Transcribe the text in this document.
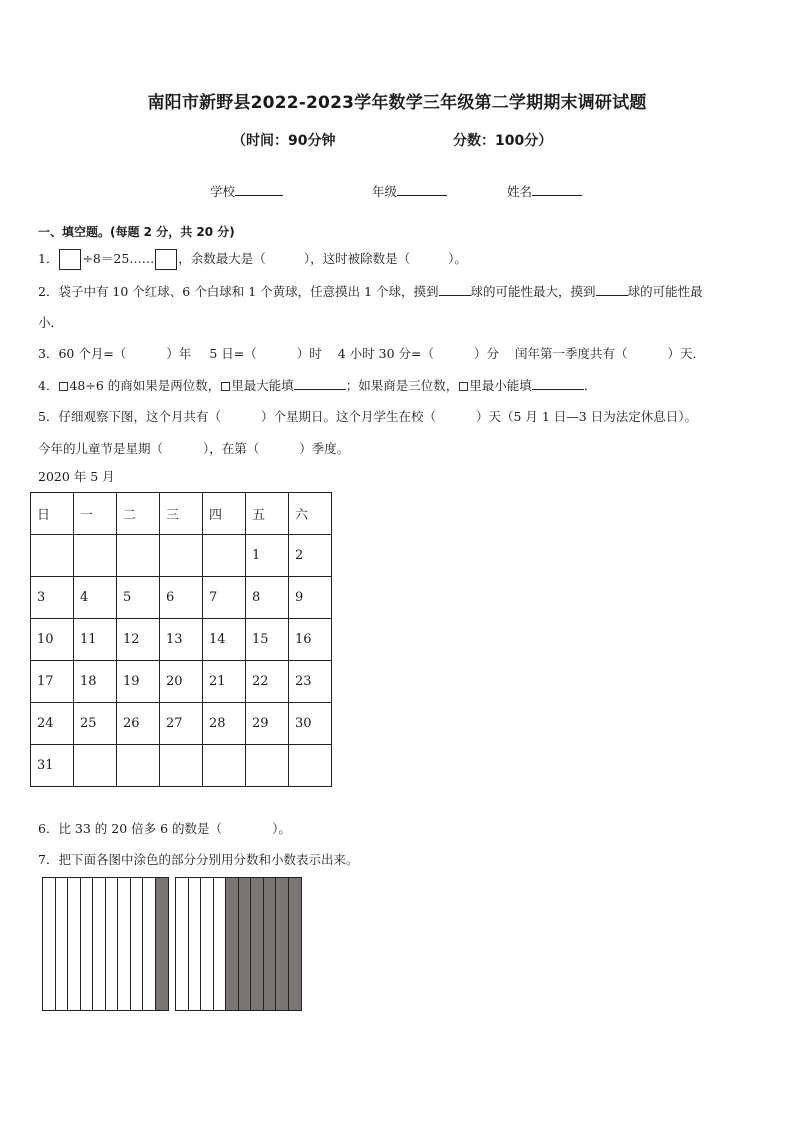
南阳市新野县2022-2023学年数学三年级第二学期期末调研试题
（时间：90分钟	分数：100分）
学校	年级	姓名
一、填空题。(每题 2 分，共 20 分)
1． ÷8＝25…… ，余数最大是（	），这时被除数是（	）。
2．袋子中有 10 个红球、6 个白球和 1 个黄球，任意摸出 1 个球，摸到	球的可能性最大，摸到	球的可能性最
小．
3．60 个月=（	）年 5 日=（	）时 4 小时 30 分=（	）分 闰年第一季度共有（	）天．
4． 48÷6 的商如果是两位数， 里最大能填	；如果商是三位数， 里最小能填	．
5．仔细观察下图，这个月共有（	）个星期日。这个月学生在校（	）天（5 月 1 日—3 日为法定休息日）。
今年的儿童节是星期（	），在第（	）季度。
2020 年 5 月
日	一	二	三	四	五	六
					1	2
3	4	5	6	7	8	9
10	11	12	13	14	15	16
17	18	19	20	21	22	23
24	25	26	27	28	29	30
31						
6．比 33 的 20 倍多 6 的数是（	）。
7．把下面各图中涂色的部分分别用分数和小数表示出来。
